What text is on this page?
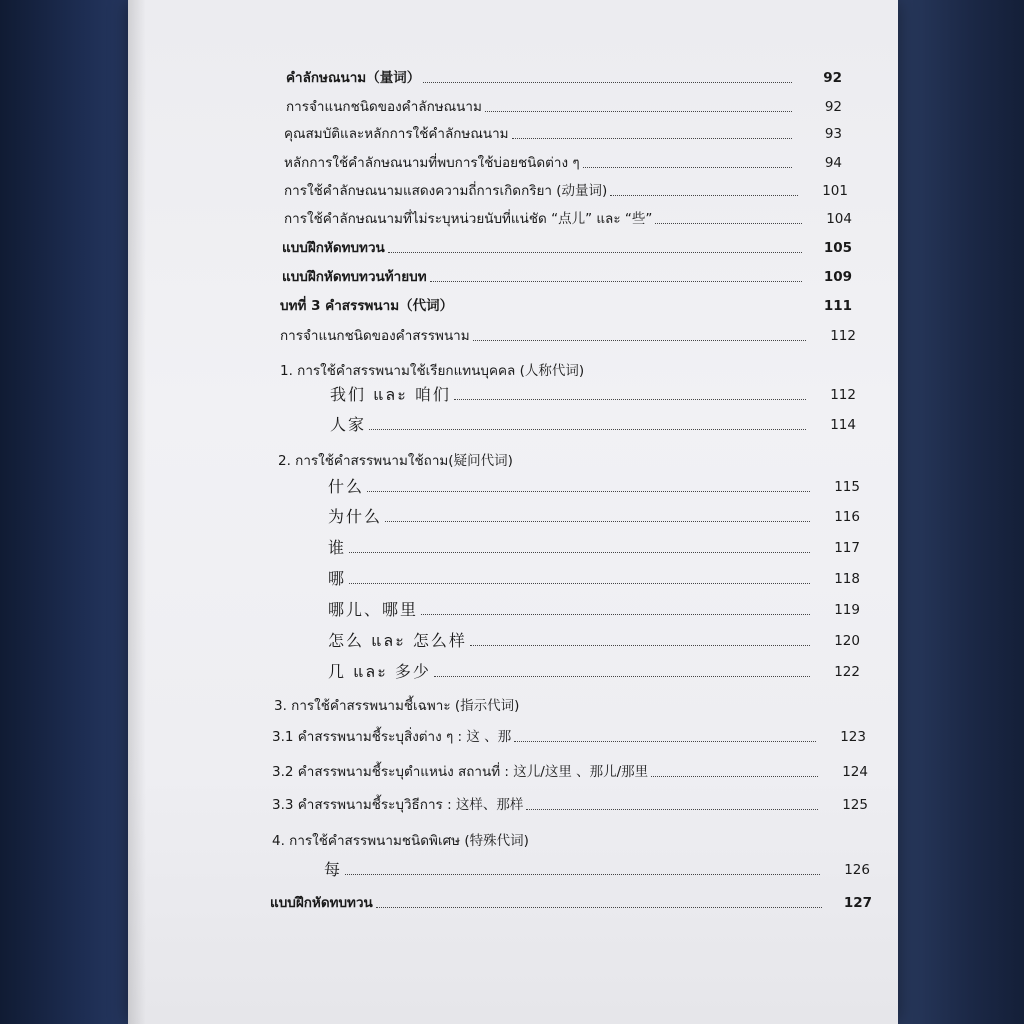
คำลักษณนาม（量词）	92
การจำแนกชนิดของคำลักษณนาม	92
คุณสมบัติและหลักการใช้คำลักษณนาม	93
หลักการใช้คำลักษณนามที่พบการใช้บ่อยชนิดต่าง ๆ	94
การใช้คำลักษณนามแสดงความถี่การเกิดกริยา (动量词)	101
การใช้คำลักษณนามที่ไม่ระบุหน่วยนับที่แน่ชัด “点儿” และ “些”	104
แบบฝึกหัดทบทวน	105
แบบฝึกหัดทบทวนท้ายบท	109
บทที่ 3 คำสรรพนาม（代词）	111
การจำแนกชนิดของคำสรรพนาม	112
1. การใช้คำสรรพนามใช้เรียกแทนบุคคล (人称代词)
我们 และ 咱们	112
人家	114
2. การใช้คำสรรพนามใช้ถาม(疑问代词)
什么	115
为什么	116
谁	117
哪	118
哪儿、哪里	119
怎么 และ 怎么样	120
几 และ 多少	122
3. การใช้คำสรรพนามชี้เฉพาะ (指示代词)
3.1 คำสรรพนามชี้ระบุสิ่งต่าง ๆ : 这 、那	123
3.2 คำสรรพนามชี้ระบุตำแหน่ง สถานที่ : 这儿/这里 、那儿/那里	124
3.3 คำสรรพนามชี้ระบุวิธีการ : 这样、那样	125
4. การใช้คำสรรพนามชนิดพิเศษ (特殊代词)
每	126
แบบฝึกหัดทบทวน	127
